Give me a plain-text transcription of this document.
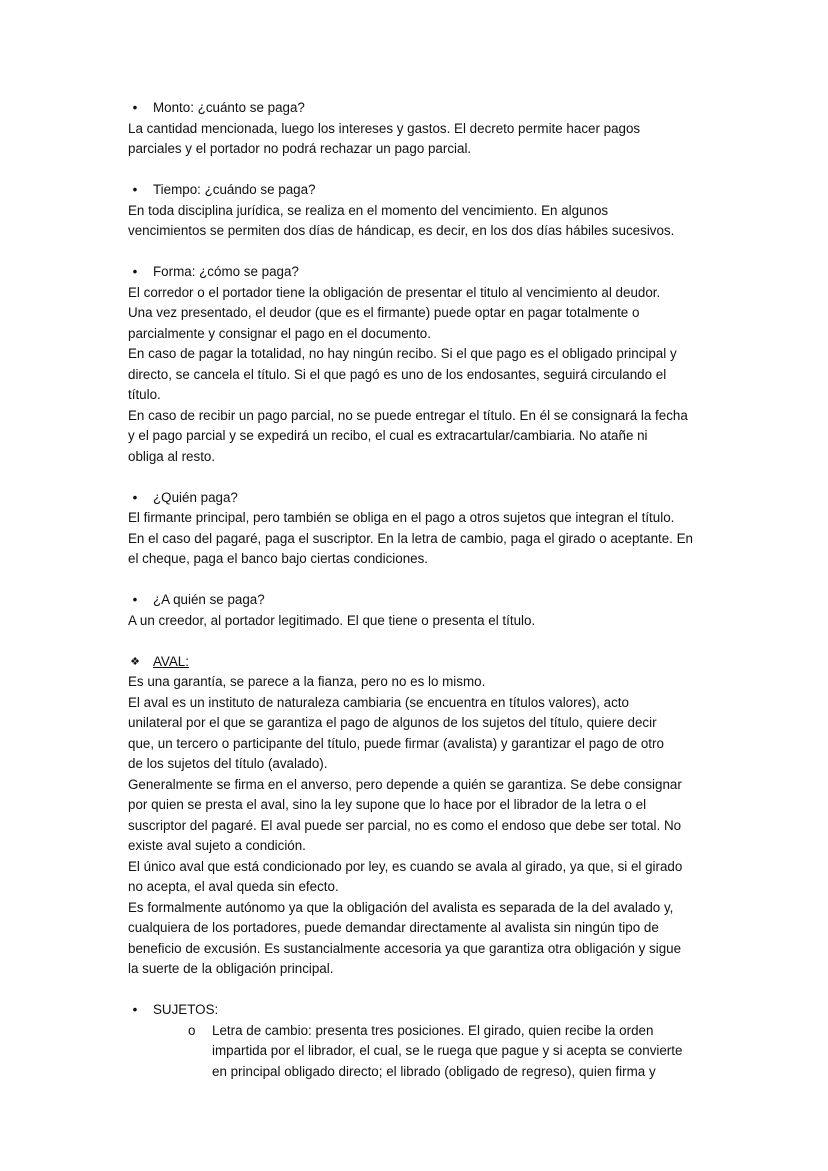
• Monto: ¿cuánto se paga?

La cantidad mencionada, luego los intereses y gastos. El decreto permite hacer pagos

parciales y el portador no podrá rechazar un pago parcial.

• Tiempo: ¿cuándo se paga?

En toda disciplina jurídica, se realiza en el momento del vencimiento. En algunos

vencimientos se permiten dos días de hándicap, es decir, en los dos días hábiles sucesivos.

• Forma: ¿cómo se paga?

El corredor o el portador tiene la obligación de presentar el titulo al vencimiento al deudor.

Una vez presentado, el deudor (que es el firmante) puede optar en pagar totalmente o

parcialmente y consignar el pago en el documento.

En caso de pagar la totalidad, no hay ningún recibo. Si el que pago es el obligado principal y

directo, se cancela el título. Si el que pagó es uno de los endosantes, seguirá circulando el

título.

En caso de recibir un pago parcial, no se puede entregar el título. En él se consignará la fecha

y el pago parcial y se expedirá un recibo, el cual es extracartular/cambiaria. No atañe ni

obliga al resto.

• ¿Quién paga?

El firmante principal, pero también se obliga en el pago a otros sujetos que integran el título.

En el caso del pagaré, paga el suscriptor. En la letra de cambio, paga el girado o aceptante. En

el cheque, paga el banco bajo ciertas condiciones.

• ¿A quién se paga?

A un creedor, al portador legitimado. El que tiene o presenta el título.

❖ AVAL:

Es una garantía, se parece a la fianza, pero no es lo mismo.

El aval es un instituto de naturaleza cambiaria (se encuentra en títulos valores), acto

unilateral por el que se garantiza el pago de algunos de los sujetos del título, quiere decir

que, un tercero o participante del título, puede firmar (avalista) y garantizar el pago de otro

de los sujetos del título (avalado).

Generalmente se firma en el anverso, pero depende a quién se garantiza. Se debe consignar

por quien se presta el aval, sino la ley supone que lo hace por el librador de la letra o el

suscriptor del pagaré. El aval puede ser parcial, no es como el endoso que debe ser total. No

existe aval sujeto a condición.

El único aval que está condicionado por ley, es cuando se avala al girado, ya que, si el girado

no acepta, el aval queda sin efecto.

Es formalmente autónomo ya que la obligación del avalista es separada de la del avalado y,

cualquiera de los portadores, puede demandar directamente al avalista sin ningún tipo de

beneficio de excusión. Es sustancialmente accesoria ya que garantiza otra obligación y sigue

la suerte de la obligación principal.

• SUJETOS:
o Letra de cambio: presenta tres posiciones. El girado, quien recibe la orden
impartida por el librador, el cual, se le ruega que pague y si acepta se convierte
en principal obligado directo; el librado (obligado de regreso), quien firma y
